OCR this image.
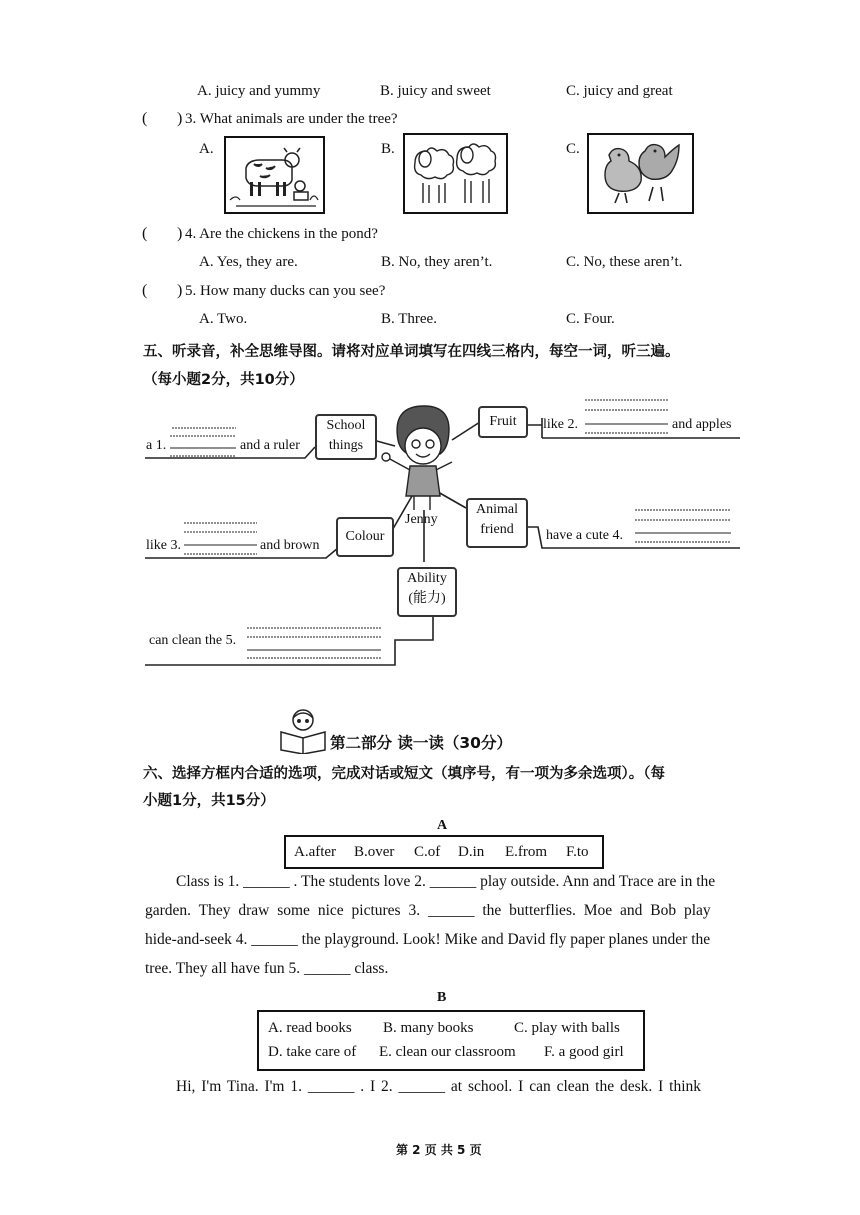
A. juicy and yummy	B. juicy and sweet	C. juicy and great
( ) 3. What animals are under the tree?
A.	B.	C.
( ) 4. Are the chickens in the pond?
A. Yes, they are.	B. No, they aren’t.	C. No, these aren’t.
( ) 5. How many ducks can you see?
A. Two.	B. Three.	C. Four.
五、听录音，补全思维导图。请将对应单词填写在四线三格内，每空一词，听三遍。
（每小题2分，共10分）
School
things
Fruit
Colour
Animal
friend
Ability
(能力)
Jenny
a 1.	and a ruler
like 2.	and apples
like 3.	and brown
have a cute 4.
can clean the 5.
第二部分 读一读（30分）
六、选择方框内合适的选项，完成对话或短文（填序号，有一项为多余选项）。（每
小题1分，共15分）
A
A.after B.over C.of D.in E.from F.to
Class is 1. ______ . The students love 2. ______ play outside. Ann and Trace are in the
garden. They draw some nice pictures 3. ______ the butterflies. Moe and Bob play
hide-and-seek 4. ______ the playground. Look! Mike and David fly paper planes under the
tree. They all have fun 5. ______ class.
B
A. read books B. many books	C. play with balls
D. take care of E. clean our classroom F. a good girl
Hi, I'm Tina. I'm 1. ______ . I 2. ______ at school. I can clean the desk. I think
第 2 页 共 5 页
